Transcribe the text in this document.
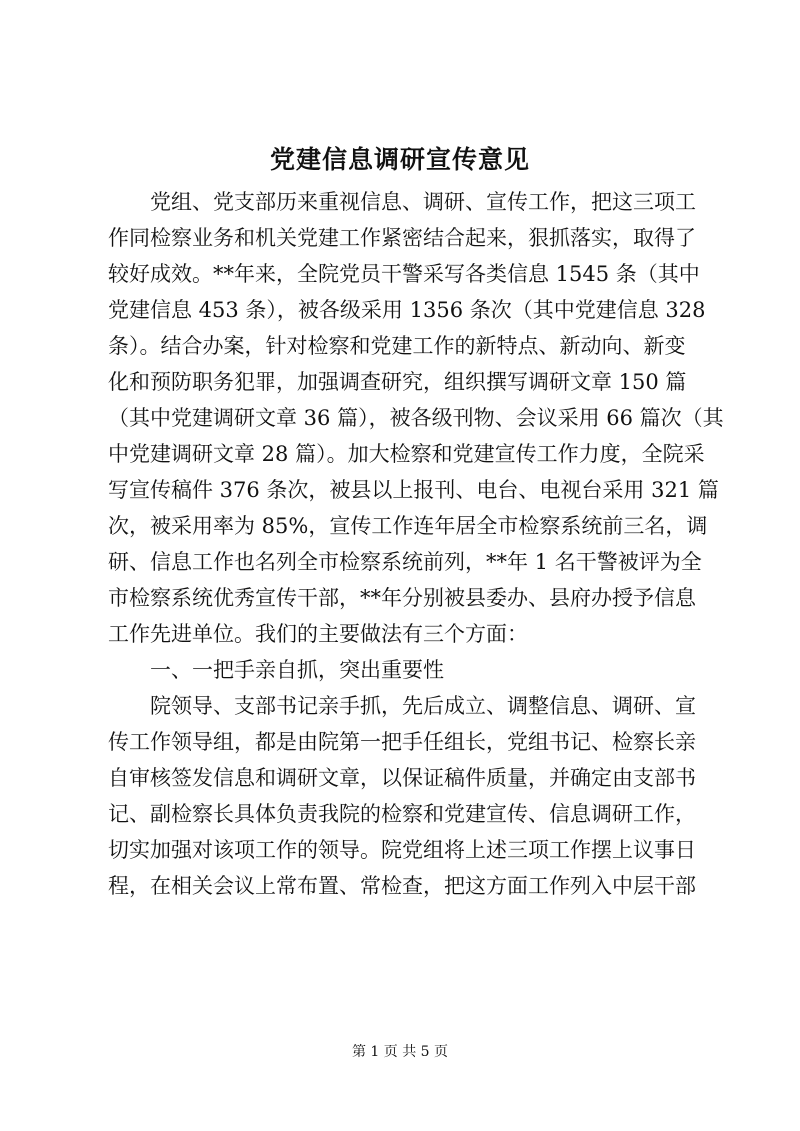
党建信息调研宣传意见
　　党组、党支部历来重视信息、调研、宣传工作，把这三项工
作同检察业务和机关党建工作紧密结合起来，狠抓落实，取得了
较好成效。**年来，全院党员干警采写各类信息 1545 条（其中
党建信息 453 条），被各级采用 1356 条次（其中党建信息 328
条）。结合办案，针对检察和党建工作的新特点、新动向、新变
化和预防职务犯罪，加强调查研究，组织撰写调研文章 150 篇
（其中党建调研文章 36 篇），被各级刊物、会议采用 66 篇次（其
中党建调研文章 28 篇）。加大检察和党建宣传工作力度，全院采
写宣传稿件 376 条次，被县以上报刊、电台、电视台采用 321 篇
次，被采用率为 85%，宣传工作连年居全市检察系统前三名，调
研、信息工作也名列全市检察系统前列，**年 1 名干警被评为全
市检察系统优秀宣传干部，**年分别被县委办、县府办授予信息
工作先进单位。我们的主要做法有三个方面：
　　一、一把手亲自抓，突出重要性
　　院领导、支部书记亲手抓，先后成立、调整信息、调研、宣
传工作领导组，都是由院第一把手任组长，党组书记、检察长亲
自审核签发信息和调研文章，以保证稿件质量，并确定由支部书
记、副检察长具体负责我院的检察和党建宣传、信息调研工作，
切实加强对该项工作的领导。院党组将上述三项工作摆上议事日
程，在相关会议上常布置、常检查，把这方面工作列入中层干部
第 1 页 共 5 页
